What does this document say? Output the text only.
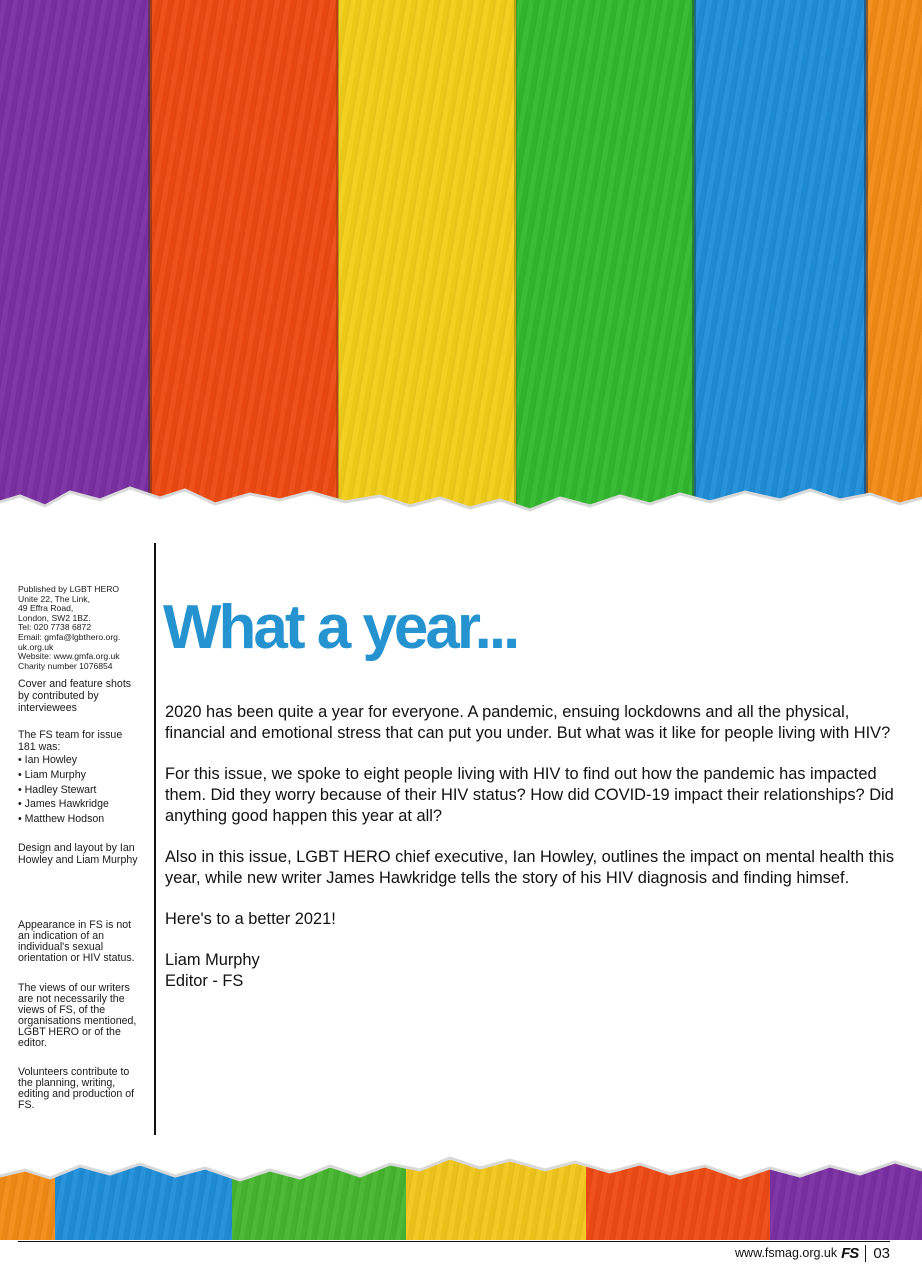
Published by LGBT HERO
Unite 22, The Link,
49 Effra Road,
London, SW2 1BZ.
Tel: 020 7738 6872
Email: gmfa@lgbthero.org.
uk.org.uk
Website: www.gmfa.org.uk
Charity number 1076854
Cover and feature shots by contributed by interviewees
The FS team for issue 181 was:
• Ian Howley
• Liam Murphy
• Hadley Stewart
• James Hawkridge
• Matthew Hodson
Design and layout by Ian Howley and Liam Murphy
Appearance in FS is not an indication of an individual's sexual orientation or HIV status.
The views of our writers are not necessarily the views of FS, of the organisations mentioned, LGBT HERO or of the editor.
Volunteers contribute to the planning, writing, editing and production of FS.
What a year...

2020 has been quite a year for everyone. A pandemic, ensuing lockdowns and all the physical, financial and emotional stress that can put you under. But what was it like for people living with HIV?

For this issue, we spoke to eight people living with HIV to find out how the pandemic has impacted them. Did they worry because of their HIV status? How did COVID-19 impact their relationships? Did anything good happen this year at all?

Also in this issue, LGBT HERO chief executive, Ian Howley, outlines the impact on mental health this year, while new writer James Hawkridge tells the story of his HIV diagnosis and finding himsef.

Here's to a better 2021!

Liam Murphy
Editor - FS
www.fsmag.org.uk FS 03
